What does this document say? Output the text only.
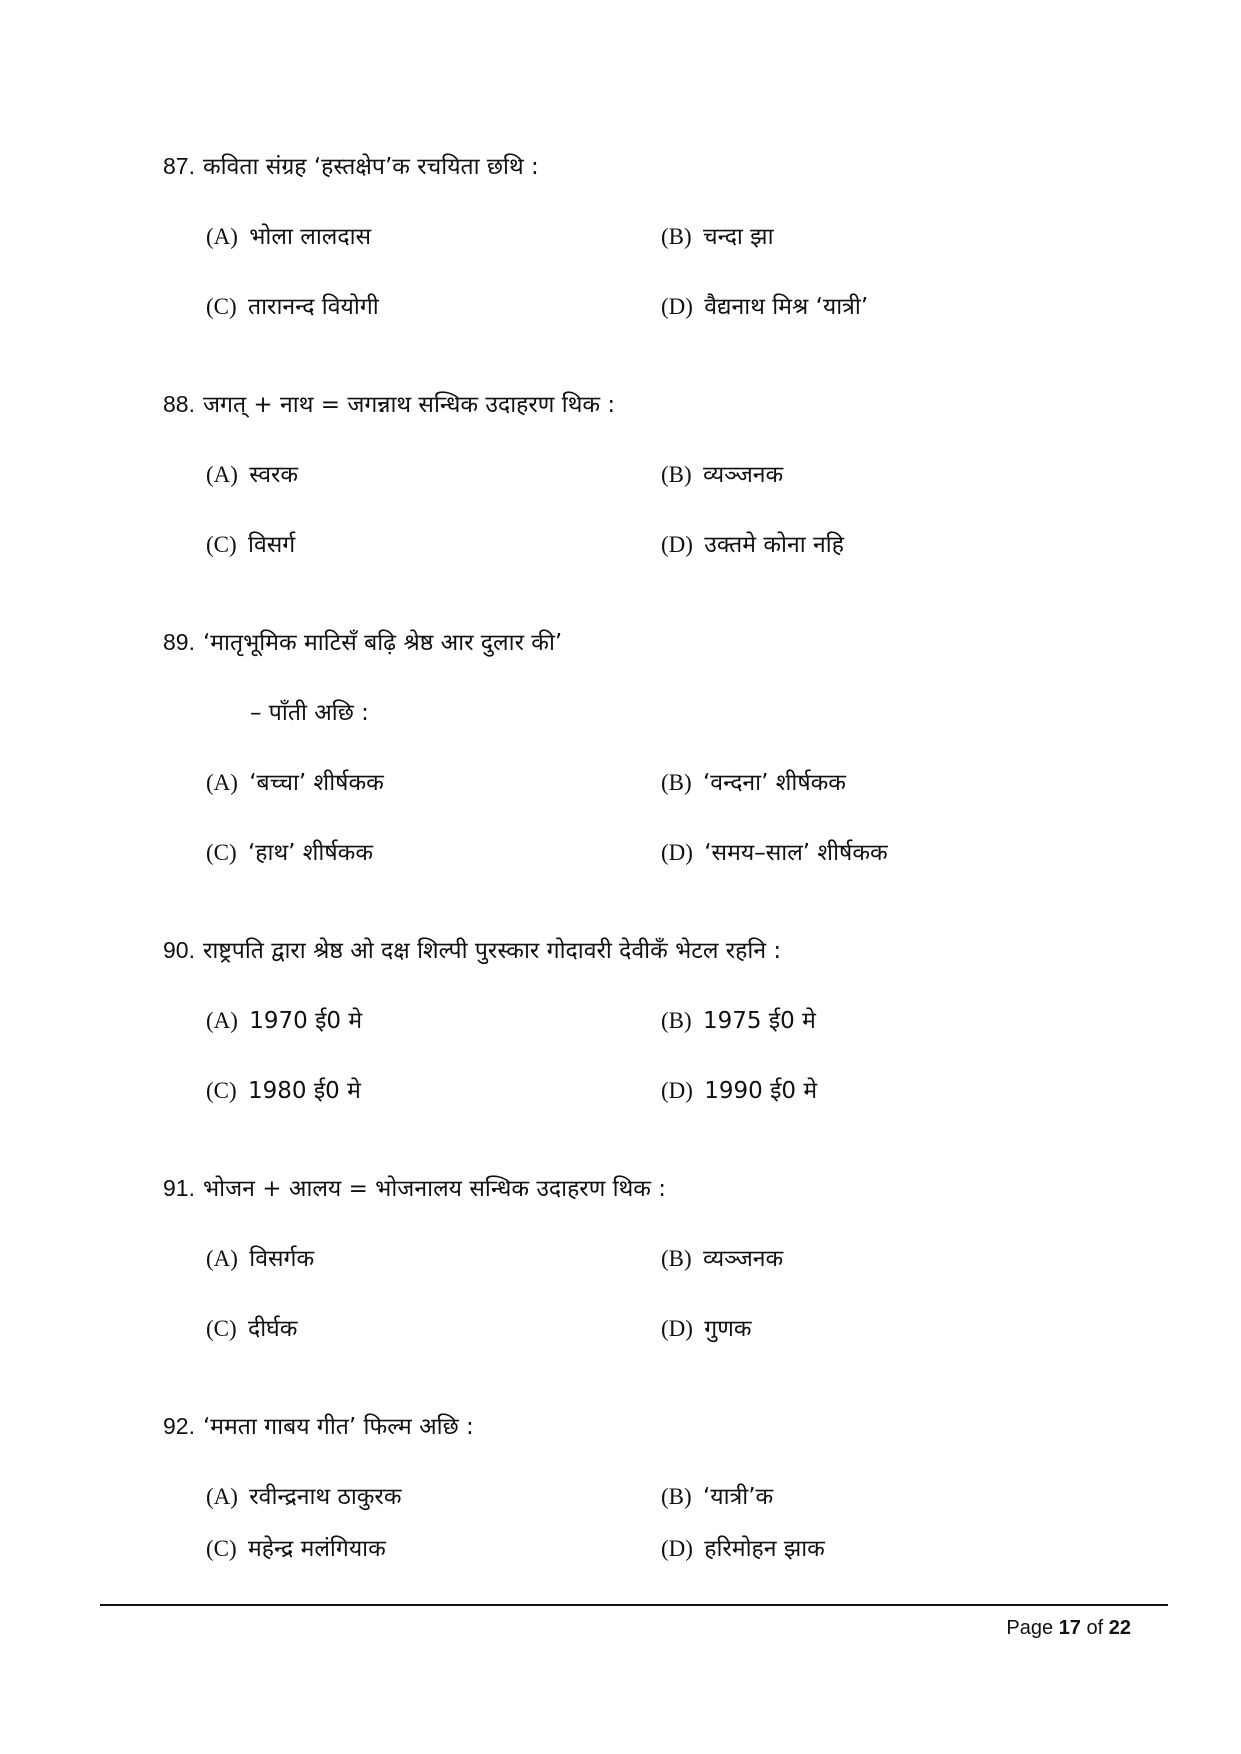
87. कविता संग्रह ‘हस्तक्षेप’क रचयिता छथि :
(A) भोला लालदास	(B) चन्दा झा
(C) तारानन्द वियोगी	(D) वैद्यनाथ मिश्र ‘यात्री’
88. जगत् + नाथ = जगन्नाथ सन्धिक उदाहरण थिक :
(A) स्वरक	(B) व्यञ्जनक
(C) विसर्ग	(D) उक्तमे कोना नहि
89. ‘मातृभूमिक माटिसँ बढ़ि श्रेष्ठ आर दुलार की’
– पाँती अछि :
(A) ‘बच्चा’ शीर्षकक	(B) ‘वन्दना’ शीर्षकक
(C) ‘हाथ’ शीर्षकक	(D) ‘समय–साल’ शीर्षकक
90. राष्ट्रपति द्वारा श्रेष्ठ ओ दक्ष शिल्पी पुरस्कार गोदावरी देवीकँ भेटल रहनि :
(A) 1970 ई0 मे	(B) 1975 ई0 मे
(C) 1980 ई0 मे	(D) 1990 ई0 मे
91. भोजन + आलय = भोजनालय सन्धिक उदाहरण थिक :
(A) विसर्गक	(B) व्यञ्जनक
(C) दीर्घक	(D) गुणक
92. ‘ममता गाबय गीत’ फिल्म अछि :
(A) रवीन्द्रनाथ ठाकुरक	(B) ‘यात्री’क
(C) महेन्द्र मलंगियाक	(D) हरिमोहन झाक
Page 17 of 22
